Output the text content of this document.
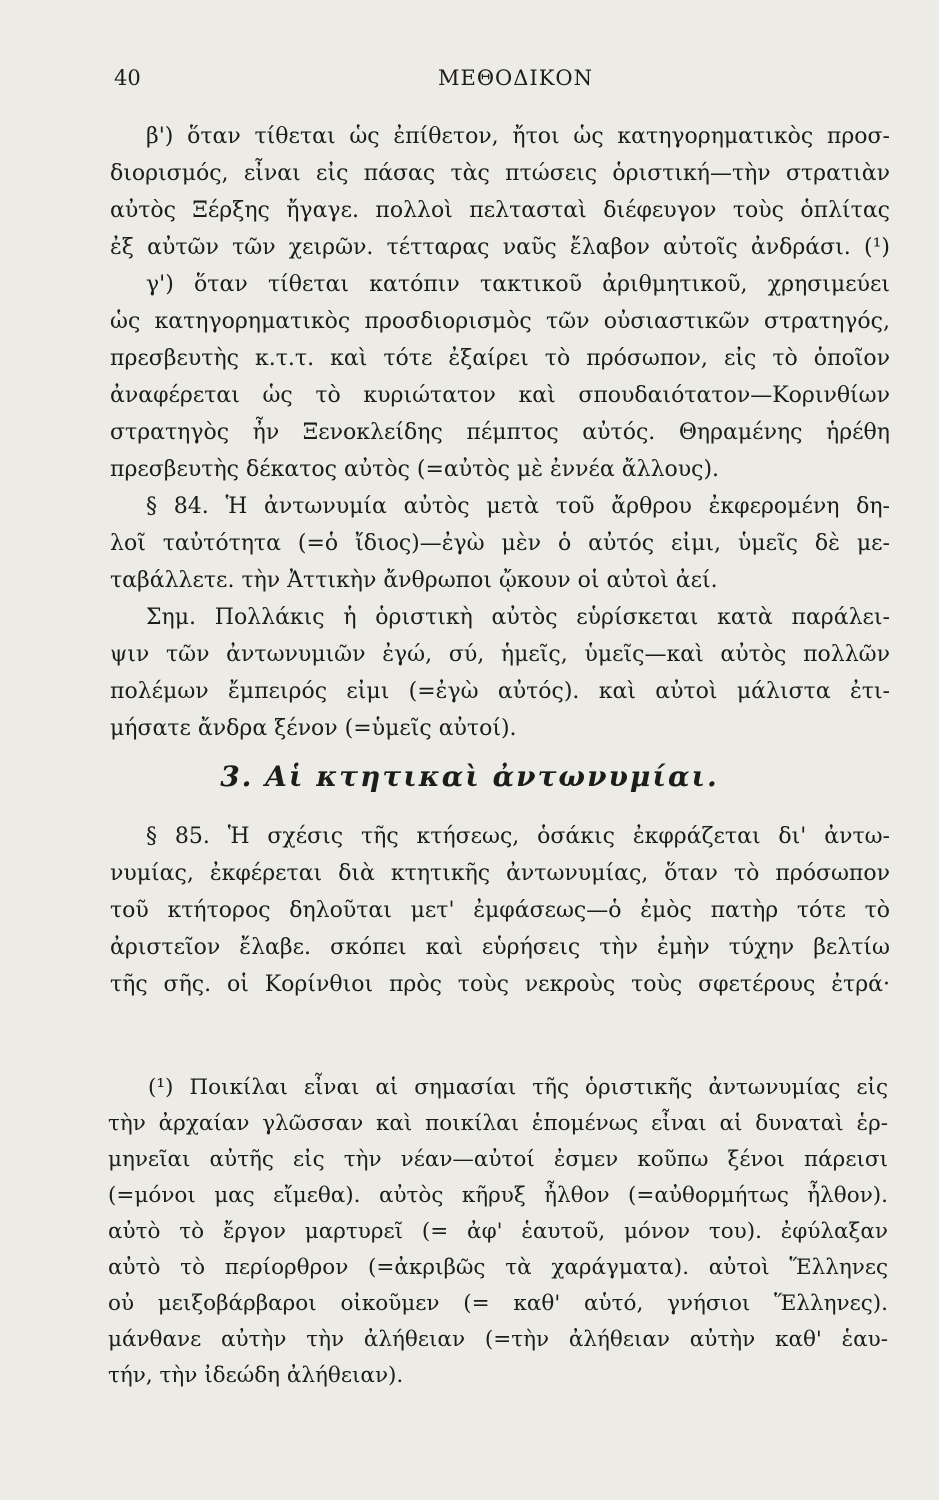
40	ΜΕΘΟΔΙΚΟΝ
β') ὅταν τίθεται ὡς ἐπίθετον, ἤτοι ὡς κατηγορηματικὸς προσ-
διορισμός, εἶναι εἰς πάσας τὰς πτώσεις ὁριστική—τὴν στρατιὰν
αὐτὸς Ξέρξης ἤγαγε. πολλοὶ πελτασταὶ διέφευγον τοὺς ὁπλίτας
ἐξ αὐτῶν τῶν χειρῶν. τέτταρας ναῦς ἔλαβον αὐτοῖς ἀνδράσι. (¹)
γ') ὅταν τίθεται κατόπιν τακτικοῦ ἀριθμητικοῦ, χρησιμεύει
ὡς κατηγορηματικὸς προσδιορισμὸς τῶν οὐσιαστικῶν στρατηγός,
πρεσβευτὴς κ.τ.τ. καὶ τότε ἐξαίρει τὸ πρόσωπον, εἰς τὸ ὁποῖον
ἀναφέρεται ὡς τὸ κυριώτατον καὶ σπουδαιότατον—Κορινθίων
στρατηγὸς ἦν Ξενοκλείδης πέμπτος αὐτός. Θηραμένης ἡρέθη
πρεσβευτὴς δέκατος αὐτὸς (=αὐτὸς μὲ ἐννέα ἄλλους).
§ 84. Ἡ ἀντωνυμία αὐτὸς μετὰ τοῦ ἄρθρου ἐκφερομένη δη-
λοῖ ταὐτότητα (=ὁ ἴδιος)—ἐγὼ μὲν ὁ αὐτός εἰμι, ὑμεῖς δὲ με-
ταβάλλετε. τὴν Ἀττικὴν ἄνθρωποι ᾤκουν οἱ αὐτοὶ ἀεί.
Σημ. Πολλάκις ἡ ὁριστικὴ αὐτὸς εὑρίσκεται κατὰ παράλει-
ψιν τῶν ἀντωνυμιῶν ἐγώ, σύ, ἡμεῖς, ὑμεῖς—καὶ αὐτὸς πολλῶν
πολέμων ἔμπειρός εἰμι (=ἐγὼ αὐτός). καὶ αὐτοὶ μάλιστα ἐτι-
μήσατε ἄνδρα ξένον (=ὑμεῖς αὐτοί).
3. Αἱ κτητικαὶ ἀντωνυμίαι.
§ 85. Ἡ σχέσις τῆς κτήσεως, ὁσάκις ἐκφράζεται δι' ἀντω-
νυμίας, ἐκφέρεται διὰ κτητικῆς ἀντωνυμίας, ὅταν τὸ πρόσωπον
τοῦ κτήτορος δηλοῦται μετ' ἐμφάσεως—ὁ ἐμὸς πατὴρ τότε τὸ
ἀριστεῖον ἔλαβε. σκόπει καὶ εὑρήσεις τὴν ἐμὴν τύχην βελτίω
τῆς σῆς. οἱ Κορίνθιοι πρὸς τοὺς νεκροὺς τοὺς σφετέρους ἐτρά·
(¹) Ποικίλαι εἶναι αἱ σημασίαι τῆς ὁριστικῆς ἀντωνυμίας εἰς
τὴν ἀρχαίαν γλῶσσαν καὶ ποικίλαι ἑπομένως εἶναι αἱ δυναταὶ ἑρ-
μηνεῖαι αὐτῆς εἰς τὴν νέαν—αὐτοί ἐσμεν κοῦπω ξένοι πάρεισι
(=μόνοι μας εἴμεθα). αὐτὸς κῆρυξ ἦλθον (=αὐθορμήτως ἦλθον).
αὐτὸ τὸ ἔργον μαρτυρεῖ (= ἀφ' ἑαυτοῦ, μόνον του). ἐφύλαξαν
αὐτὸ τὸ περίορθρον (=ἀκριβῶς τὰ χαράγματα). αὐτοὶ Ἕλληνες
οὐ μειξοβάρβαροι οἰκοῦμεν (= καθ' αὑτό, γνήσιοι Ἕλληνες).
μάνθανε αὐτὴν τὴν ἀλήθειαν (=τὴν ἀλήθειαν αὐτὴν καθ' ἑαυ-
τήν, τὴν ἰδεώδη ἀλήθειαν).
